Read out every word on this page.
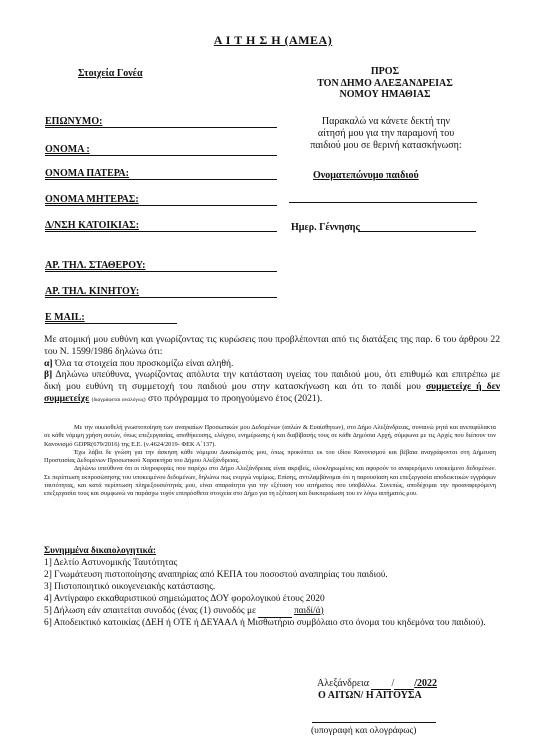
Α Ι Τ Η Σ Η (ΑΜΕΑ)
Στοιχεία Γονέα	ΠΡΟΣ
ΤΟΝ ΔΗΜΟ ΑΛΕΞΑΝΔΡΕΙΑΣ
ΝΟΜΟΥ ΗΜΑΘΙΑΣ
Παρακαλώ να κάνετε δεκτή την
αίτησή μου για την παραμονή του
παιδιού μου σε θερινή κατασκήνωση:
Ονοματεπώνυμο παιδιού
Ημερ. Γέννησης
ΕΠΩΝΥΜΟ:
ΟΝΟΜΑ :
ΟΝΟΜΑ ΠΑΤΕΡΑ:
ΟΝΟΜΑ ΜΗΤΕΡΑΣ:
Δ/ΝΣΗ ΚΑΤΟΙΚΙΑΣ:
ΑΡ. ΤΗΛ. ΣΤΑΘΕΡΟΥ:
ΑΡ. ΤΗΛ. ΚΙΝΗΤΟΥ:
E MAIL:
Με ατομική μου ευθύνη και γνωρίζοντας τις κυρώσεις που προβλέπονται από τις διατάξεις της παρ. 6 του άρθρου 22 του Ν. 1599/1986 δηλώνω ότι:
α] Όλα τα στοιχεία που προσκομίζω είναι αληθή.
β] Δηλώνω υπεύθυνα, γνωρίζοντας απόλυτα την κατάσταση υγείας του παιδιού μου, ότι επιθυμώ και επιτρέπω με δική μου ευθύνη τη συμμετοχή του παιδιού μου στην κατασκήνωση και ότι το παιδί μου συμμετείχε ή δεν συμμετείχε (διαγράφεται αναλόγως) στο πρόγραμμα το προηγούμενο έτος (2021).
Με την οικειοθελή γνωστοποίηση των αναγκαίων Προσωπικών μου Δεδομένων (απλών & Ευαίσθητων), στο Δήμο Αλεξάνδρειας, συναινώ ρητά και ανεπιφύλακτα σε κάθε νόμιμη χρήση αυτών, όπως επεξεργασίας, αποθήκευσης, ελέγχου, ενημέρωσης ή και διαβίβασής τους σε κάθε Δημόσια Αρχή, σύμφωνα με τις Αρχές που διέπουν τον Κανονισμό GDPR(679/2016) της Ε.Ε. (ν.4624/2019- ΦΕΚ Α΄137).
Έχω λάβει δε γνώση για την άσκηση κάθε νόμιμου Δικαιώματός μου, όπως προκύπτει εκ του ιδίου Κανονισμού και βέβαια αναγράφονται στη Δήμευση Προστασίας Δεδομένων Προσωπικού Χαρακτήρα του Δήμου Αλεξάνδρειας.
Δηλώνω υπεύθυνα ότι οι πληροφορίες που παρέχω στο Δήμο Αλεξάνδρειας είναι ακριβείς, ολοκληρωμένες και αφορούν το αναφερόμενο υποκείμενο δεδομένων. Σε περίπτωση εκπροσώπησης του υποκειμένου δεδομένων, δηλώνω πως ενεργώ νομίμως. Επίσης, αντιλαμβάνομαι ότι η παρουσίαση και επεξεργασία αποδεικτικών εγγράφων ταυτότητας, και κατά περίπτωση πληρεξουσιότητάς μου, είναι απαραίτητα για την εξέταση του αιτήματος που υποβάλλω. Συνεπώς, αποδέχομαι την προαναφερόμενη επεξεργασία τους και συμφωνώ να παράσχω τυχόν επιπρόσθετα στοιχεία στο Δήμο για τη εξέταση και διεκπεραίωση του εν λόγω αιτήματός μου.
Συνημμένα δικαιολογητικά:
1] Δελτίο Αστυνομικής Ταυτότητας
2] Γνωμάτευση πιστοποίησης αναπηρίας από ΚΕΠΑ του ποσοστού αναπηρίας του παιδιού.
3] Πιστοποιητικό οικογενειακής κατάστασης.
4] Αντίγραφο εκκαθαριστικού σημειώματος ΔΟΥ φορολογικού έτους 2020
5] Δήλωση εάν απαιτείται συνοδός (ένας (1) συνοδός με	παιδί/ά)
6] Αποδεικτικό κατοικίας (ΔΕΗ ή ΟΤΕ ή ΔΕΥΑΑΛ ή Μισθωτήριο συμβόλαιο στο όνομα του κηδεμόνα του παιδιού).
Αλεξάνδρεια / /2022
Ο ΑΙΤΩΝ/ Η ΑΙΤΟΥΣΑ
(υπογραφή και ολογράφως)
